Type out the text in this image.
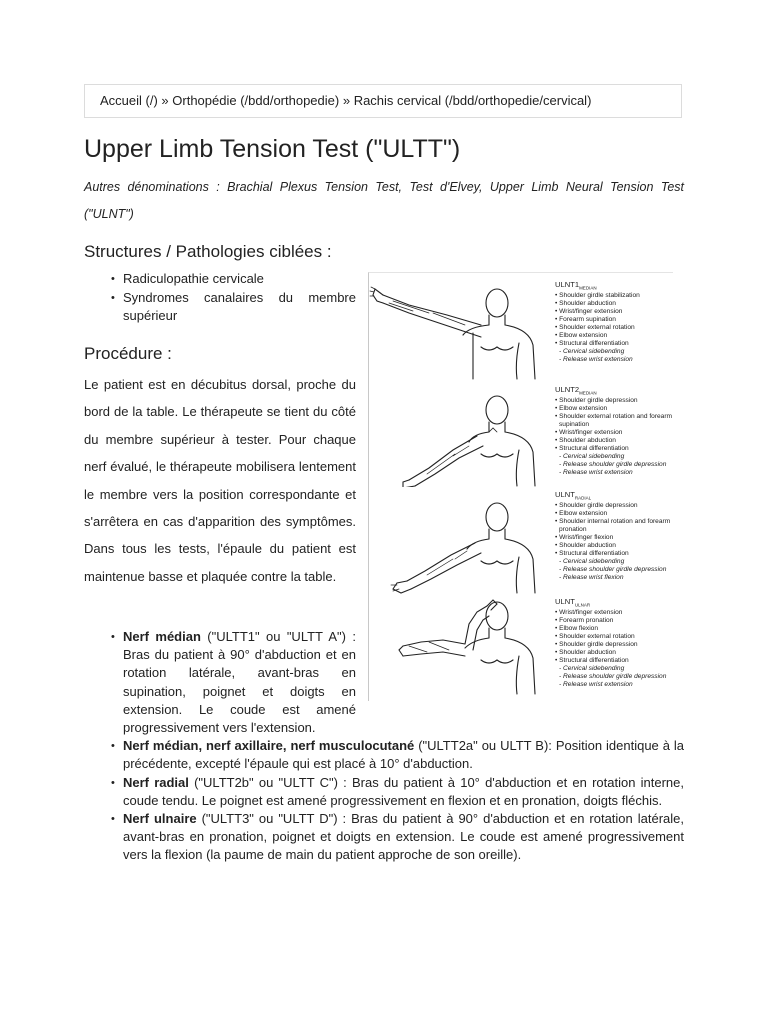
Accueil (/) » Orthopédie (/bdd/orthopedie) » Rachis cervical (/bdd/orthopedie/cervical)
Upper Limb Tension Test ("ULTT")

Autres dénominations : Brachial Plexus Tension Test, Test d'Elvey, Upper Limb Neural Tension Test ("ULNT")

Structures / Pathologies ciblées :
• Radiculopathie cervicale
• Syndromes canalaires du membre supérieur
Procédure :

Le patient est en décubitus dorsal, proche du bord de la table. Le thérapeute se tient du côté du membre supérieur à tester. Pour chaque nerf évalué, le thérapeute mobilisera lentement le membre vers la position correspondante et s'arrêtera en cas d'apparition des symptômes. Dans tous les tests, l'épaule du patient est maintenue basse et plaquée contre la table.

• Nerf médian ("ULTT1" ou "ULTT A") : Bras du patient à 90° d'abduction et en rotation latérale, avant-bras en supination, poignet et doigts en extension. Le coude est amené progressivement vers l'extension.
• Nerf médian, nerf axillaire, nerf musculocutané ("ULTT2a" ou ULTT B): Position identique à la précédente, excepté l'épaule qui est placé à 10° d'abduction.
• Nerf radial ("ULTT2b" ou "ULTT C") : Bras du patient à 10° d'abduction et en rotation interne, coude tendu. Le poignet est amené progressivement en flexion et en pronation, doigts fléchis.
• Nerf ulnaire ("ULTT3" ou "ULTT D") : Bras du patient à 90° d'abduction et en rotation latérale, avant-bras en pronation, poignet et doigts en extension. Le coude est amené progressivement vers la flexion (la paume de main du patient approche de son oreille).
$ULNT1_{MEDIAN}$
• Shoulder girdle stabilization
• Shoulder abduction
• Wrist/finger extension
• Forearm supination
• Shoulder external rotation
• Elbow extension
• Structural differentiation
- Cervical sidebending
- Release wrist extension
$ULNT2_{MEDIAN}$
• Shoulder girdle depression
• Elbow extension
• Shoulder external rotation and forearm
supination
• Wrist/finger extension
• Shoulder abduction
• Structural differentiation
- Cervical sidebending
- Release shoulder girdle depression
- Release wrist extension
$ULNT_{RADIAL}$
• Shoulder girdle depression
• Elbow extension
• Shoulder internal rotation and forearm
pronation
• Wrist/finger flexion
• Shoulder abduction
• Structural differentiation
- Cervical sidebending
- Release shoulder girdle depression
- Release wrist flexion
$ULNT_{ULNAR}$
• Wrist/finger extension
• Forearm pronation
• Elbow flexion
• Shoulder external rotation
• Shoulder girdle depression
• Shoulder abduction
• Structural differentiation
- Cervical sidebending
- Release shoulder girdle depression
- Release wrist extension
